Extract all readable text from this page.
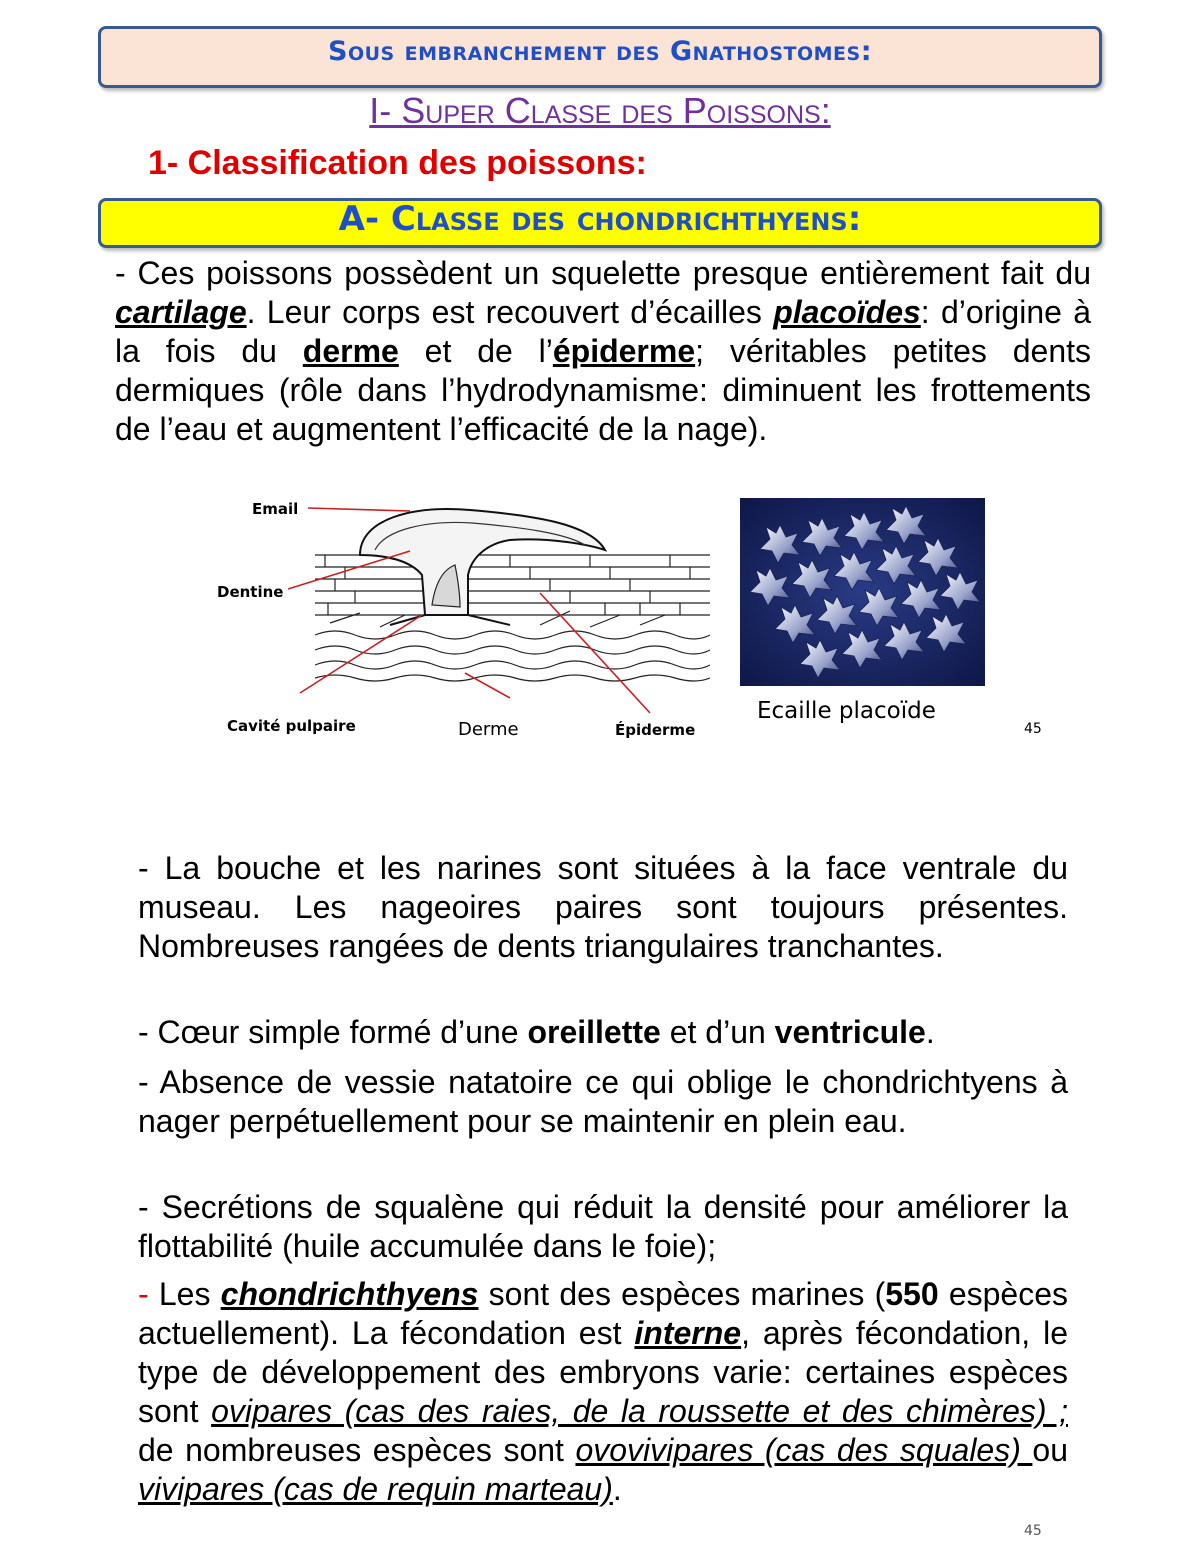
Sous embranchement des Gnathostomes:
I- Super Classe des Poissons:
1- Classification des poissons:
A- Classe des chondrichthyens:

- Ces poissons possèdent un squelette presque entièrement fait du cartilage. Leur corps est recouvert d’écailles placoïdes: d’origine à la fois du derme et de l’épiderme; véritables petites dents dermiques (rôle dans l’hydrodynamisme: diminuent les frottements de l’eau et augmentent l’efficacité de la nage).

Email
Dentine
Cavité pulpaire	Derme	Épiderme
Ecaille placoïde
45

- La bouche et les narines sont situées à la face ventrale du museau. Les nageoires paires sont toujours présentes. Nombreuses rangées de dents triangulaires tranchantes.

- Cœur simple formé d’une oreillette et d’un ventricule.

- Absence de vessie natatoire ce qui oblige le chondrichtyens à nager perpétuellement pour se maintenir en plein eau.

- Secrétions de squalène qui réduit la densité pour améliorer la flottabilité (huile accumulée dans le foie);

- Les chondrichthyens sont des espèces marines (550 espèces actuellement). La fécondation est interne, après fécondation, le type de développement des embryons varie: certaines espèces sont ovipares (cas des raies, de la roussette et des chimères) ; de nombreuses espèces sont ovovivipares (cas des squales) ou vivipares (cas de requin marteau).

45
